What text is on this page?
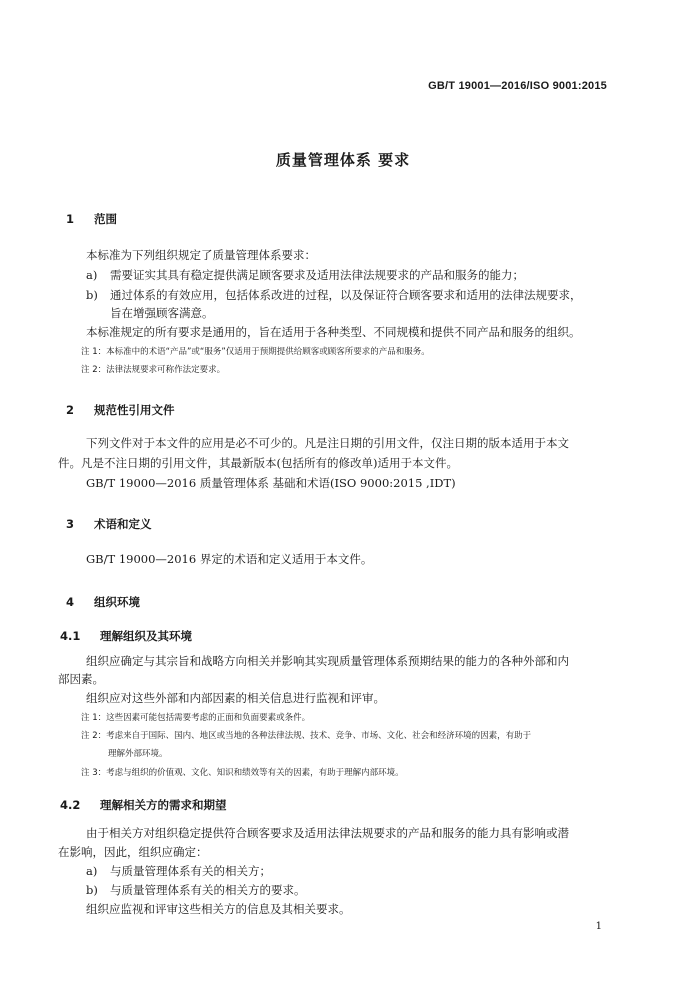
GB/T 19001—2016/ISO 9001:2015
质量管理体系 要求
1 范围
本标准为下列组织规定了质量管理体系要求：
a) 需要证实其具有稳定提供满足顾客要求及适用法律法规要求的产品和服务的能力；
b) 通过体系的有效应用，包括体系改进的过程，以及保证符合顾客要求和适用的法律法规要求，
旨在增强顾客满意。
本标准规定的所有要求是通用的，旨在适用于各种类型、不同规模和提供不同产品和服务的组织。
注 1：本标准中的术语“产品”或“服务”仅适用于预期提供给顾客或顾客所要求的产品和服务。
注 2：法律法规要求可称作法定要求。
2 规范性引用文件
下列文件对于本文件的应用是必不可少的。凡是注日期的引用文件，仅注日期的版本适用于本文
件。凡是不注日期的引用文件，其最新版本(包括所有的修改单)适用于本文件。
GB/T 19000—2016 质量管理体系 基础和术语(ISO 9000:2015 ,IDT)
3 术语和定义
GB/T 19000—2016 界定的术语和定义适用于本文件。
4 组织环境
4.1 理解组织及其环境
组织应确定与其宗旨和战略方向相关并影响其实现质量管理体系预期结果的能力的各种外部和内
部因素。
组织应对这些外部和内部因素的相关信息进行监视和评审。
注 1：这些因素可能包括需要考虑的正面和负面要素或条件。
注 2：考虑来自于国际、国内、地区或当地的各种法律法规、技术、竞争、市场、文化、社会和经济环境的因素，有助于
理解外部环境。
注 3：考虑与组织的价值观、文化、知识和绩效等有关的因素，有助于理解内部环境。
4.2 理解相关方的需求和期望
由于相关方对组织稳定提供符合顾客要求及适用法律法规要求的产品和服务的能力具有影响或潜
在影响，因此，组织应确定：
a) 与质量管理体系有关的相关方；
b) 与质量管理体系有关的相关方的要求。
组织应监视和评审这些相关方的信息及其相关要求。
1
